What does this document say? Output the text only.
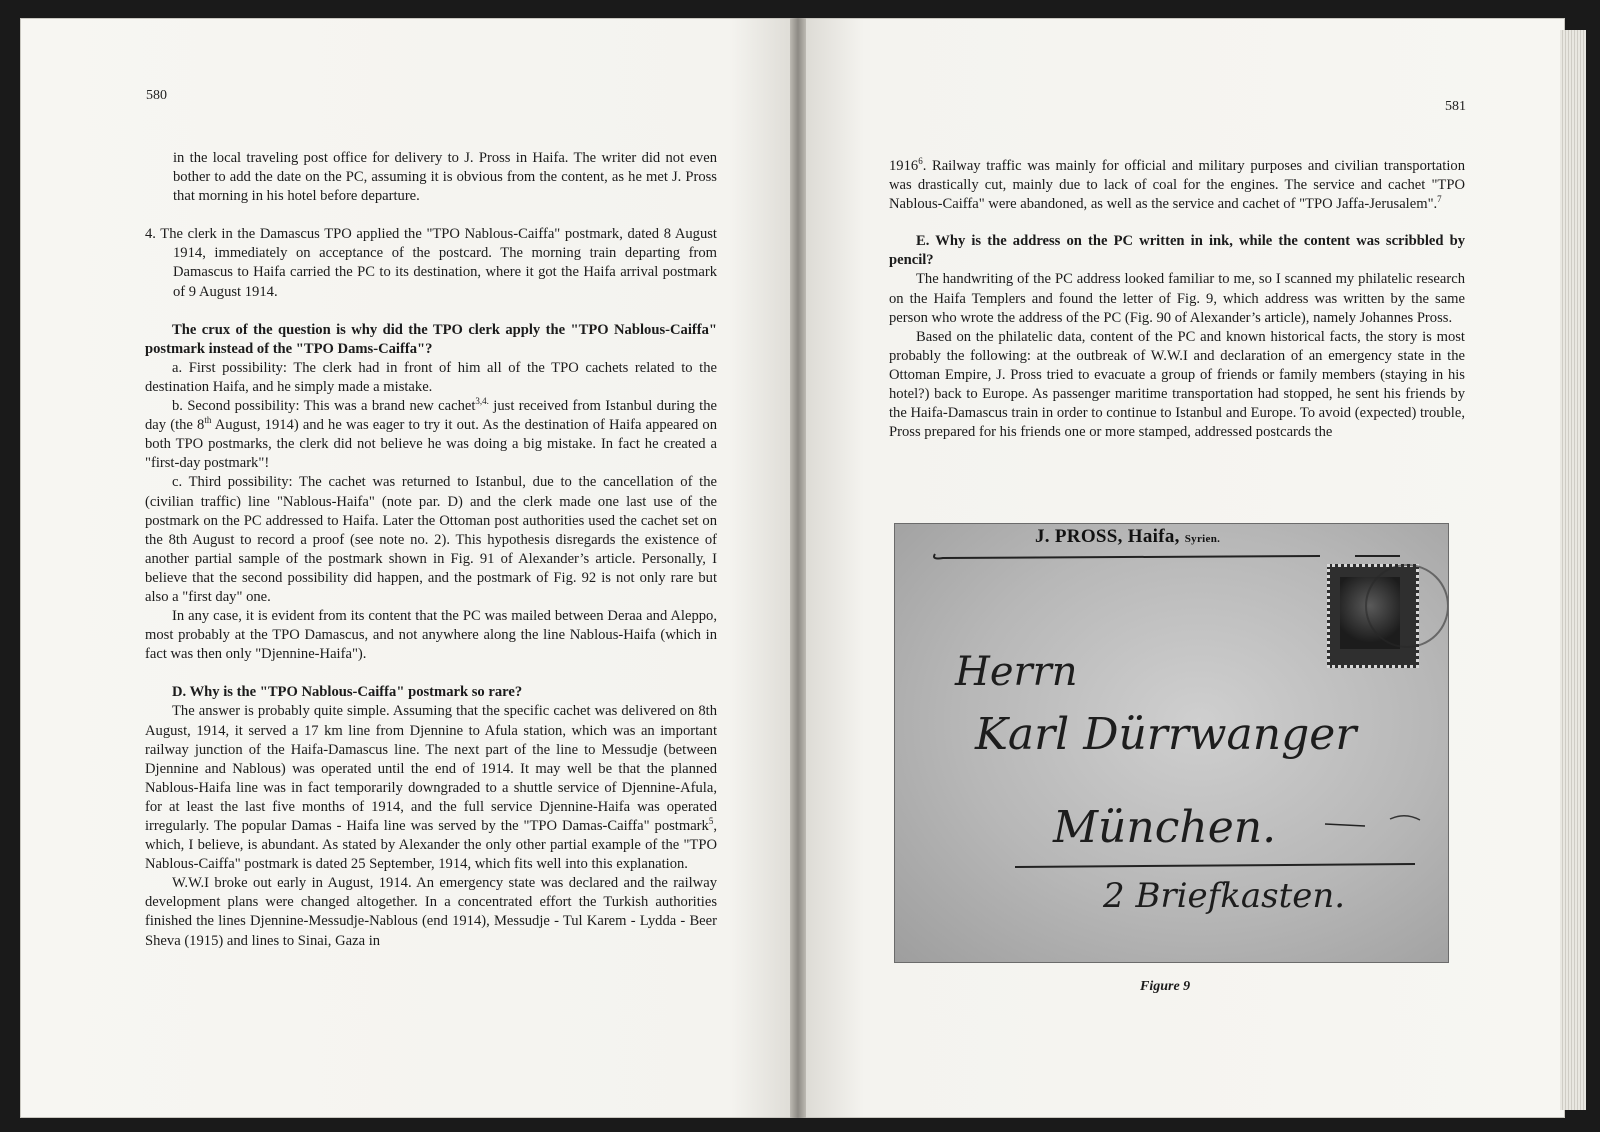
580
581

in the local traveling post office for delivery to J. Pross in Haifa. The writer did not even bother to add the date on the PC, assuming it is obvious from the content, as he met J. Pross that morning in his hotel before departure.

4. The clerk in the Damascus TPO applied the "TPO Nablous-Caiffa" postmark, dated 8 August 1914, immediately on acceptance of the postcard. The morning train departing from Damascus to Haifa carried the PC to its destination, where it got the Haifa arrival postmark of 9 August 1914.

The crux of the question is why did the TPO clerk apply the "TPO Nablous-Caiffa" postmark instead of the "TPO Dams-Caiffa"?

a. First possibility: The clerk had in front of him all of the TPO cachets related to the destination Haifa, and he simply made a mistake.

b. Second possibility: This was a brand new cachet$^{3,4.}$ just received from Istanbul during the day (the 8th August, 1914) and he was eager to try it out. As the destination of Haifa appeared on both TPO postmarks, the clerk did not believe he was doing a big mistake. In fact he created a "first-day postmark"!

c. Third possibility: The cachet was returned to Istanbul, due to the cancellation of the (civilian traffic) line "Nablous-Haifa" (note par. D) and the clerk made one last use of the postmark on the PC addressed to Haifa. Later the Ottoman post authorities used the cachet set on the 8th August to record a proof (see note no. 2). This hypothesis disregards the existence of another partial sample of the postmark shown in Fig. 91 of Alexander’s article. Personally, I believe that the second possibility did happen, and the postmark of Fig. 92 is not only rare but also a "first day" one.

In any case, it is evident from its content that the PC was mailed between Deraa and Aleppo, most probably at the TPO Damascus, and not anywhere along the line Nablous-Haifa (which in fact was then only "Djennine-Haifa").

D. Why is the "TPO Nablous-Caiffa" postmark so rare?

The answer is probably quite simple. Assuming that the specific cachet was delivered on 8th August, 1914, it served a 17 km line from Djennine to Afula station, which was an important railway junction of the Haifa-Damascus line. The next part of the line to Messudje (between Djennine and Nablous) was operated until the end of 1914. It may well be that the planned Nablous-Haifa line was in fact temporarily downgraded to a shuttle service of Djennine-Afula, for at least the last five months of 1914, and the full service Djennine-Haifa was operated irregularly. The popular Damas - Haifa line was served by the "TPO Damas-Caiffa" postmark$^5$, which, I believe, is abundant. As stated by Alexander the only other partial example of the "TPO Nablous-Caiffa" postmark is dated 25 September, 1914, which fits well into this explanation.

W.W.I broke out early in August, 1914. An emergency state was declared and the railway development plans were changed altogether. In a concentrated effort the Turkish authorities finished the lines Djennine-Messudje-Nablous (end 1914), Messudje - Tul Karem - Lydda - Beer Sheva (1915) and lines to Sinai, Gaza in

1916$^6$. Railway traffic was mainly for official and military purposes and civilian transportation was drastically cut, mainly due to lack of coal for the engines. The service and cachet "TPO Nablous-Caiffa" were abandoned, as well as the service and cachet of "TPO Jaffa-Jerusalem".$^7$

E. Why is the address on the PC written in ink, while the content was scribbled by pencil?

The handwriting of the PC address looked familiar to me, so I scanned my philatelic research on the Haifa Templers and found the letter of Fig. 9, which address was written by the same person who wrote the address of the PC (Fig. 90 of Alexander’s article), namely Johannes Pross.

Based on the philatelic data, content of the PC and known historical facts, the story is most probably the following: at the outbreak of W.W.I and declaration of an emergency state in the Ottoman Empire, J. Pross tried to evacuate a group of friends or family members (staying in his hotel?) back to Europe. As passenger maritime transportation had stopped, he sent his friends by the Haifa-Damascus train in order to continue to Istanbul and Europe. To avoid (expected) trouble, Pross prepared for his friends one or more stamped, addressed postcards the

J. PROSS, Haifa, Syrien.
Herrn
Karl Dürrwanger
München.
2 Briefkasten.
Figure 9
